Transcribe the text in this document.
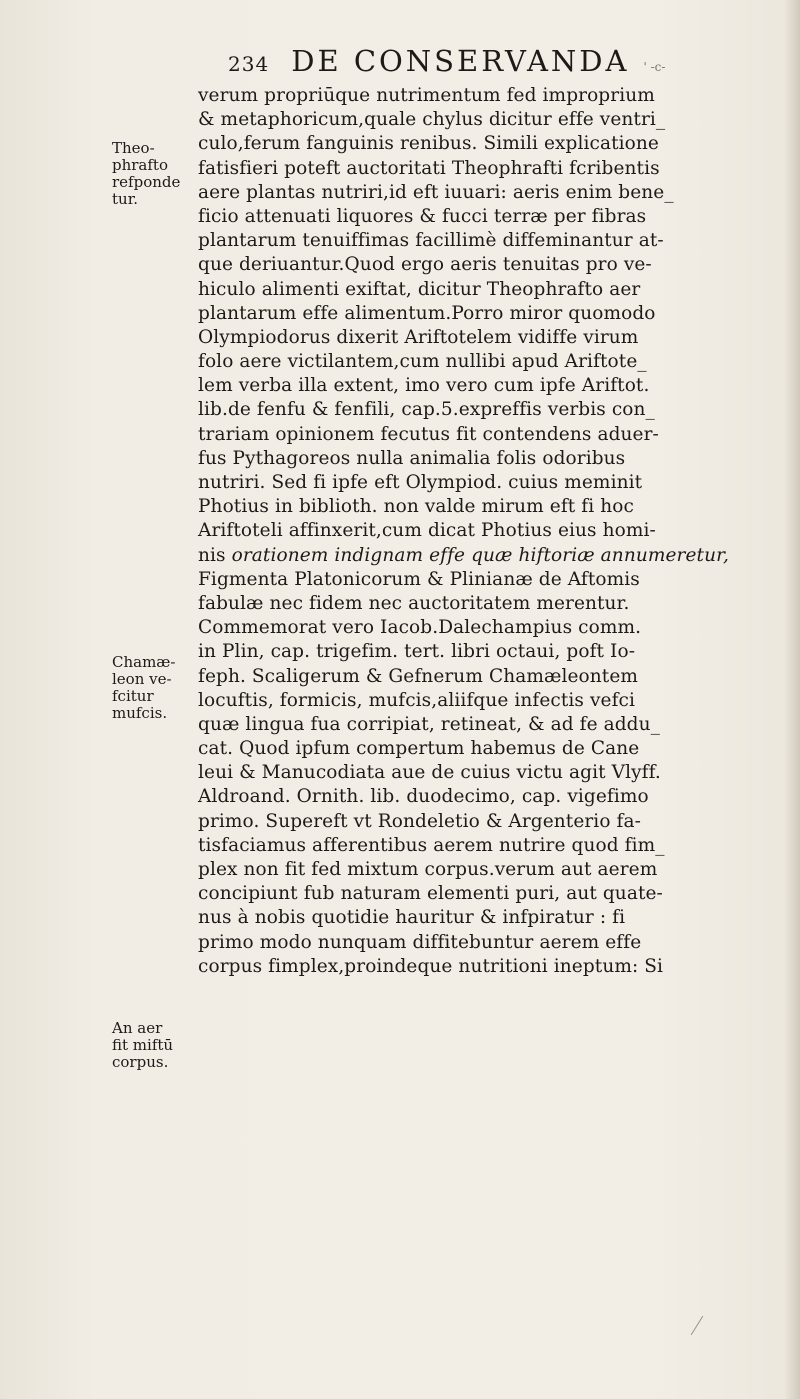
234 DE CONSERVANDA ' -c-
Theo-
phrafto
refponde
tur.
Chamæ-
leon ve-
fcitur
mufcis.
An aer
fit miftū
corpus.
verum propriūque nutrimentum fed improprium
& metaphoricum,quale chylus dicitur effe ventri_
culo,ferum fanguinis renibus. Simili explicatione
fatisfieri poteft auctoritati Theophrafti fcribentis
aere plantas nutriri,id eft iuuari: aeris enim bene_
ficio attenuati liquores & fucci terræ per fibras
plantarum tenuiffimas facillimè diffeminantur at-
que deriuantur.Quod ergo aeris tenuitas pro ve-
hiculo alimenti exiftat, dicitur Theophrafto aer
plantarum effe alimentum.Porro miror quomodo
Olympiodorus dixerit Ariftotelem vidiffe virum
folo aere victilantem,cum nullibi apud Ariftote_
lem verba illa extent, imo vero cum ipfe Ariftot.
lib.de fenfu & fenfili, cap.5.expreffis verbis con_
trariam opinionem fecutus fit contendens aduer-
fus Pythagoreos nulla animalia folis odoribus
nutriri. Sed fi ipfe eft Olympiod. cuius meminit
Photius in biblioth. non valde mirum eft fi hoc
Ariftoteli affinxerit,cum dicat Photius eius homi-
nis orationem indignam effe quæ hiftoriæ annumeretur,
Figmenta Platonicorum & Plinianæ de Aftomis
fabulæ nec fidem nec auctoritatem merentur.
Commemorat vero Iacob.Dalechampius comm.
in Plin, cap. trigefim. tert. libri octaui, poft Io-
feph. Scaligerum & Gefnerum Chamæleontem
locuftis, formicis, mufcis,aliifque infectis vefci
quæ lingua fua corripiat, retineat, & ad fe addu_
cat. Quod ipfum compertum habemus de Cane
leui & Manucodiata aue de cuius victu agit Vlyff.
Aldroand. Ornith. lib. duodecimo, cap. vigefimo
primo. Supereft vt Rondeletio & Argenterio fa-
tisfaciamus afferentibus aerem nutrire quod fim_
plex non fit fed mixtum corpus.verum aut aerem
concipiunt fub naturam elementi puri, aut quate-
nus à nobis quotidie hauritur & infpiratur : fi
primo modo nunquam diffitebuntur aerem effe
corpus fimplex,proindeque nutritioni ineptum: Si
